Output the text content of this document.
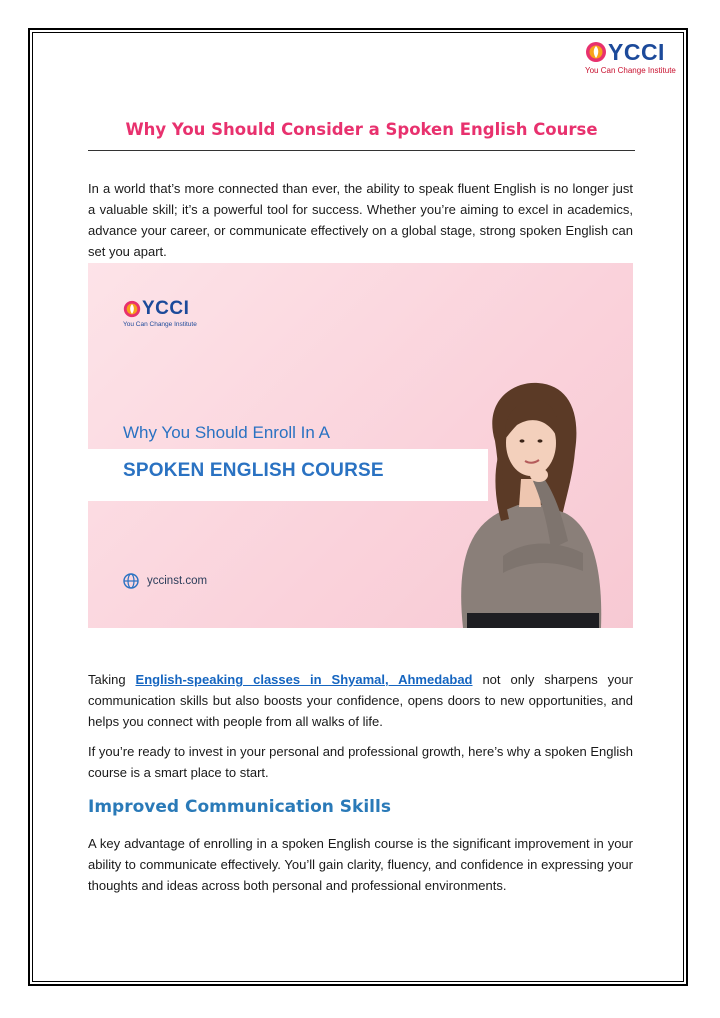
YCCI
You Can Change Institute
Why You Should Consider a Spoken English Course

In a world that’s more connected than ever, the ability to speak fluent English is no longer just a valuable skill; it’s a powerful tool for success. Whether you’re aiming to excel in academics, advance your career, or communicate effectively on a global stage, strong spoken English can set you apart.

YCCI
You Can Change Institute
Why You Should Enroll In A
SPOKEN ENGLISH COURSE
yccinst.com

Taking English-speaking classes in Shyamal, Ahmedabad not only sharpens your communication skills but also boosts your confidence, opens doors to new opportunities, and helps you connect with people from all walks of life.

If you’re ready to invest in your personal and professional growth, here’s why a spoken English course is a smart place to start.

Improved Communication Skills

A key advantage of enrolling in a spoken English course is the significant improvement in your ability to communicate effectively. You’ll gain clarity, fluency, and confidence in expressing your thoughts and ideas across both personal and professional environments.
